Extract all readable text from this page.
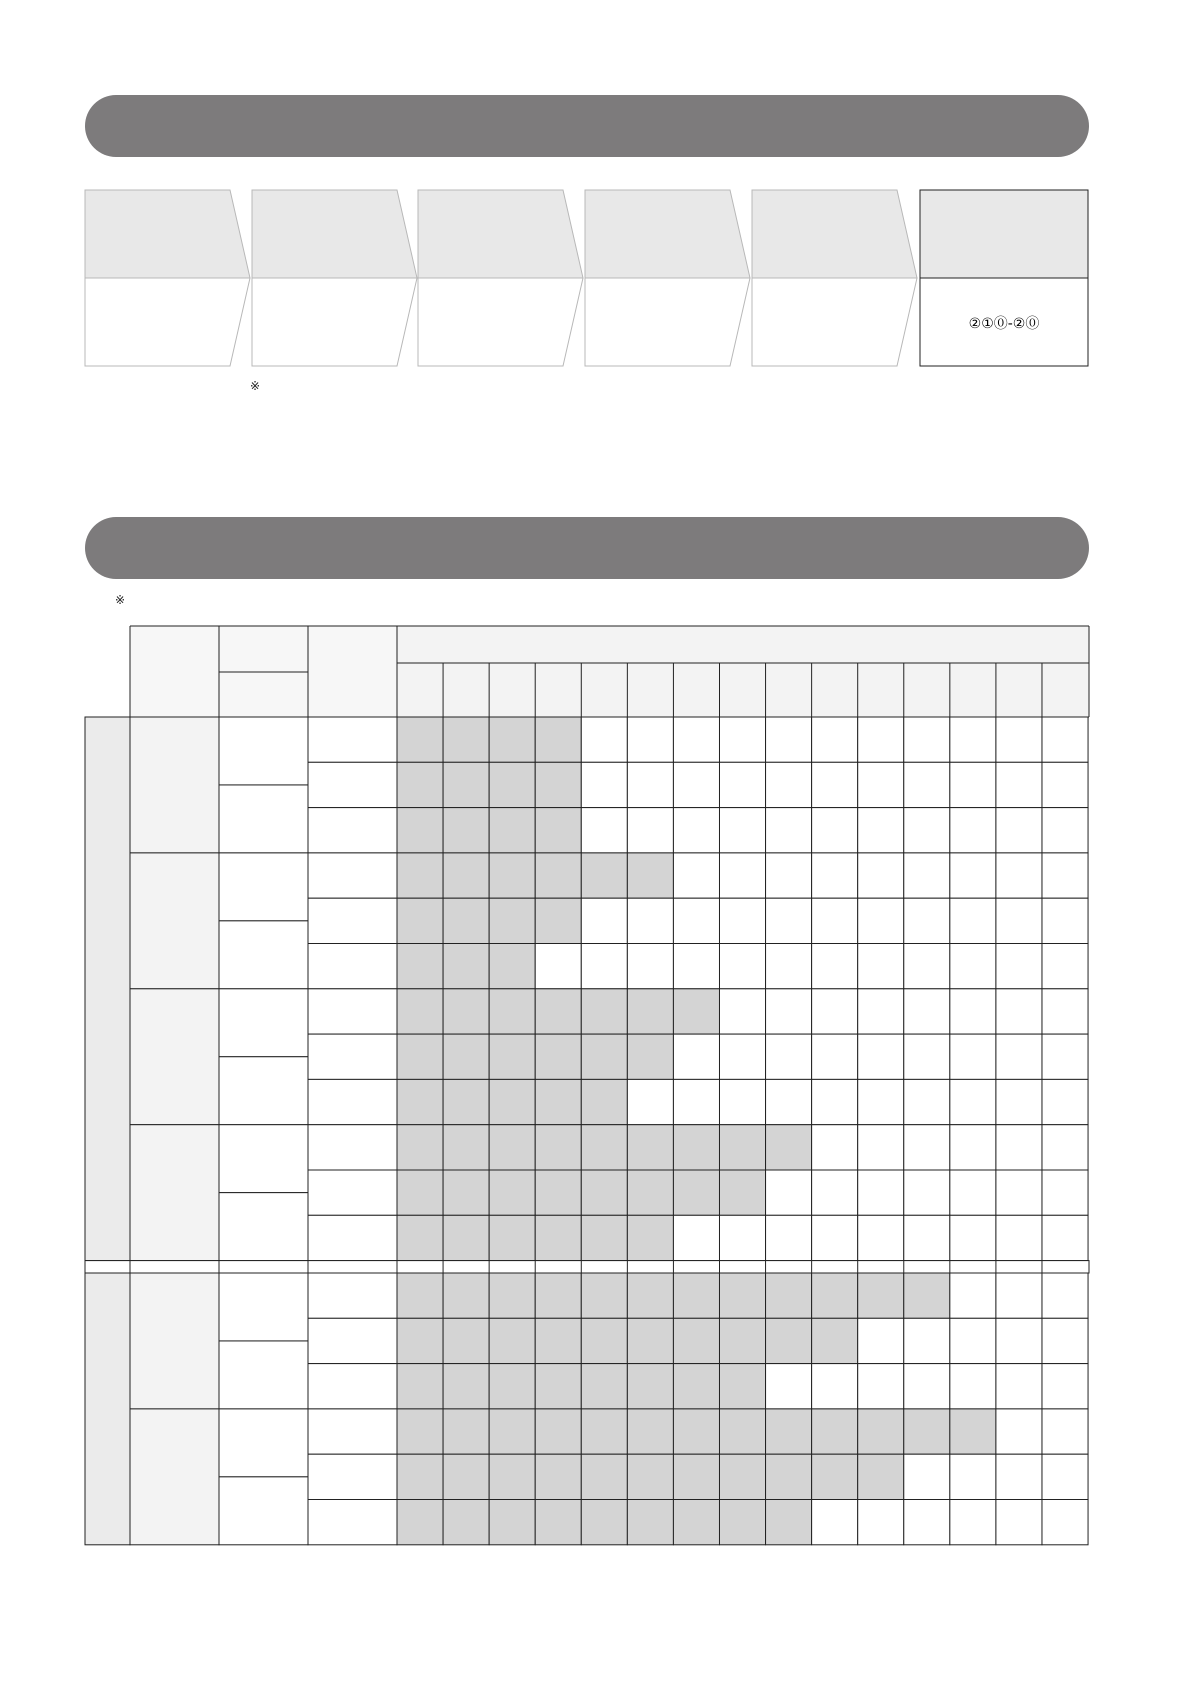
②①⓪-②⓪
※
※
